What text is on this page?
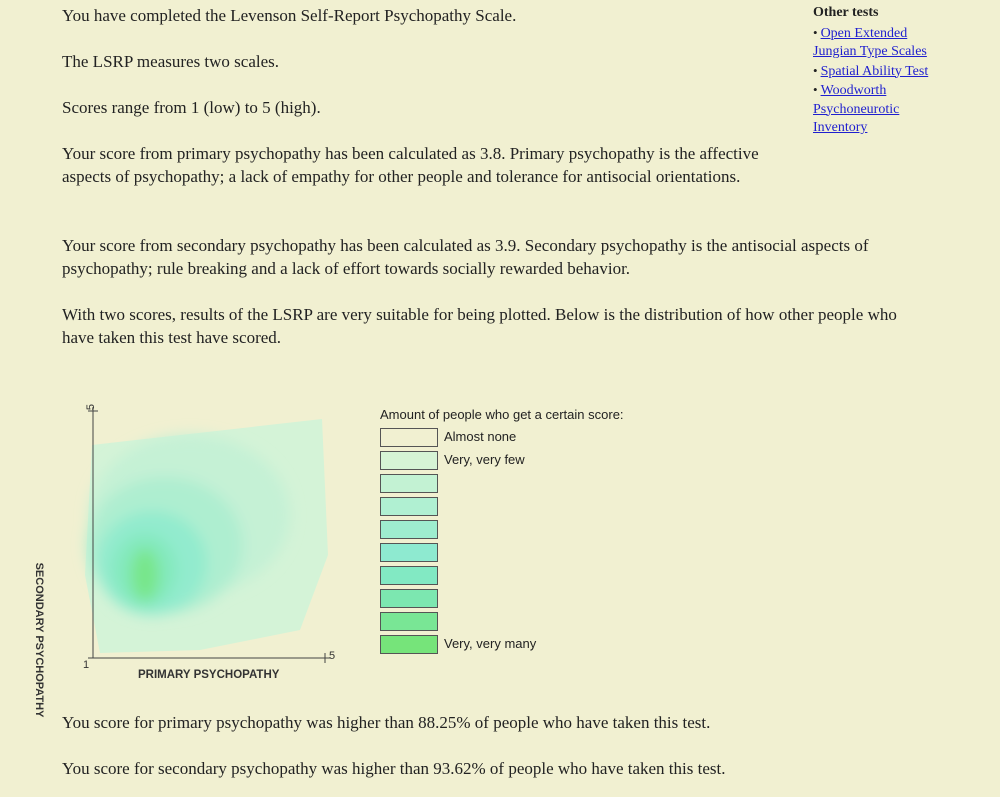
You have completed the Levenson Self-Report Psychopathy Scale.

The LSRP measures two scales.

Scores range from 1 (low) to 5 (high).

Your score from primary psychopathy has been calculated as 3.8. Primary psychopathy is the affective aspects of psychopathy; a lack of empathy for other people and tolerance for antisocial orientations.

Your score from secondary psychopathy has been calculated as 3.9. Secondary psychopathy is the antisocial aspects of psychopathy; rule breaking and a lack of effort towards socially rewarded behavior.

With two scores, results of the LSRP are very suitable for being plotted. Below is the distribution of how other people who have taken this test have scored.

Other tests
• Open Extended Jungian Type Scales
• Spatial Ability Test
• Woodworth Psychoneurotic Inventory
5
5
1
SECONDARY PSYCHOPATHY	PRIMARY PSYCHOPATHY
Amount of people who get a certain score:
Almost none
Very, very few
Very, very many

You score for primary psychopathy was higher than 88.25% of people who have taken this test.

You score for secondary psychopathy was higher than 93.62% of people who have taken this test.
